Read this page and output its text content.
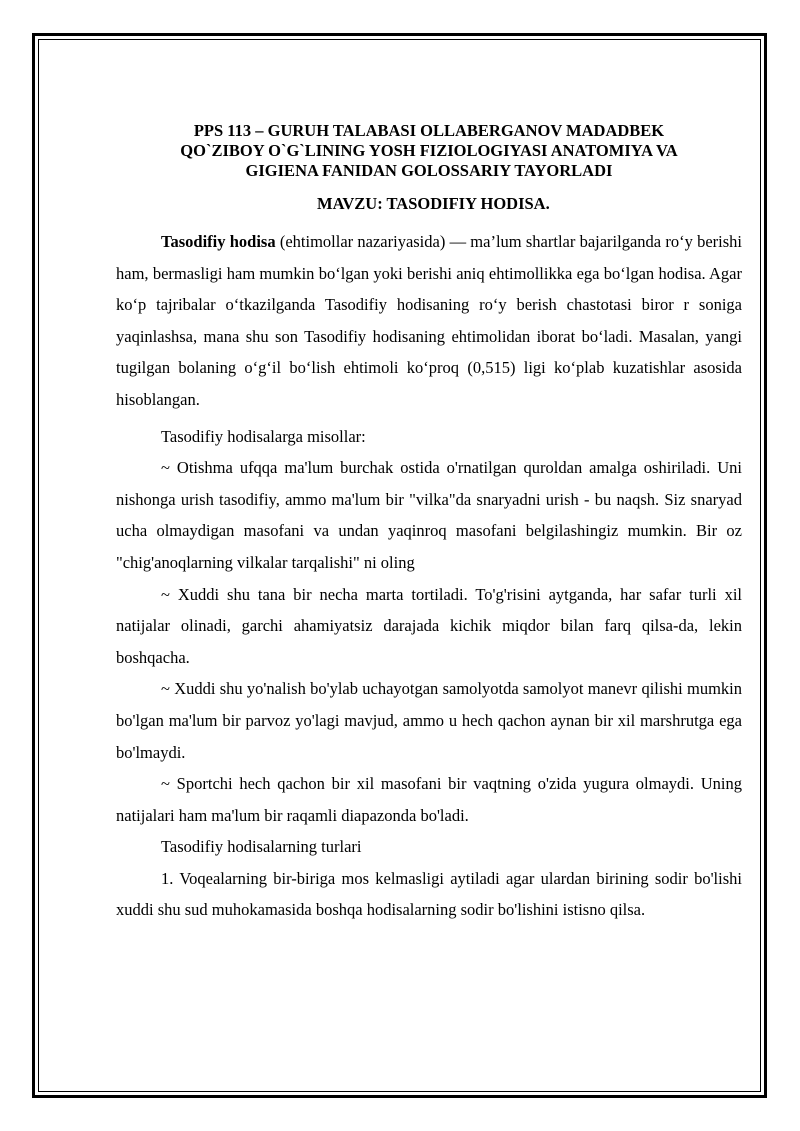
PPS 113 – GURUH TALABASI OLLABERGANOV MADADBEK
QO`ZIBOY O`G`LINING YOSH FIZIOLOGIYASI ANATOMIYA VA
GIGIENA FANIDAN GOLOSSARIY TAYORLADI

MAVZU: TASODIFIY HODISA.

Tasodifiy hodisa (ehtimollar nazariyasida) — ma’lum shartlar bajarilganda ro‘y berishi ham, bermasligi ham mumkin bo‘lgan yoki berishi aniq ehtimollikka ega bo‘lgan hodisa. Agar ko‘p tajribalar o‘tkazilganda Tasodifiy hodisaning ro‘y berish chastotasi biror r soniga yaqinlashsa, mana shu son Tasodifiy hodisaning ehtimolidan iborat bo‘ladi. Masalan, yangi tugilgan bolaning o‘g‘il bo‘lish ehtimoli ko‘proq (0,515) ligi ko‘plab kuzatishlar asosida hisoblangan.

Tasodifiy hodisalarga misollar:

~ Otishma ufqqa ma'lum burchak ostida o'rnatilgan quroldan amalga oshiriladi. Uni nishonga urish tasodifiy, ammo ma'lum bir "vilka"da snaryadni urish - bu naqsh. Siz snaryad ucha olmaydigan masofani va undan yaqinroq masofani belgilashingiz mumkin. Bir oz "chig'anoqlarning vilkalar tarqalishi" ni oling

~ Xuddi shu tana bir necha marta tortiladi. To'g'risini aytganda, har safar turli xil natijalar olinadi, garchi ahamiyatsiz darajada kichik miqdor bilan farq qilsa-da, lekin boshqacha.

~ Xuddi shu yo'nalish bo'ylab uchayotgan samolyotda samolyot manevr qilishi mumkin bo'lgan ma'lum bir parvoz yo'lagi mavjud, ammo u hech qachon aynan bir xil marshrutga ega bo'lmaydi.

~ Sportchi hech qachon bir xil masofani bir vaqtning o'zida yugura olmaydi. Uning natijalari ham ma'lum bir raqamli diapazonda bo'ladi.

Tasodifiy hodisalarning turlari

1. Voqealarning bir-biriga mos kelmasligi aytiladi agar ulardan birining sodir bo'lishi xuddi shu sud muhokamasida boshqa hodisalarning sodir bo'lishini istisno qilsa.
